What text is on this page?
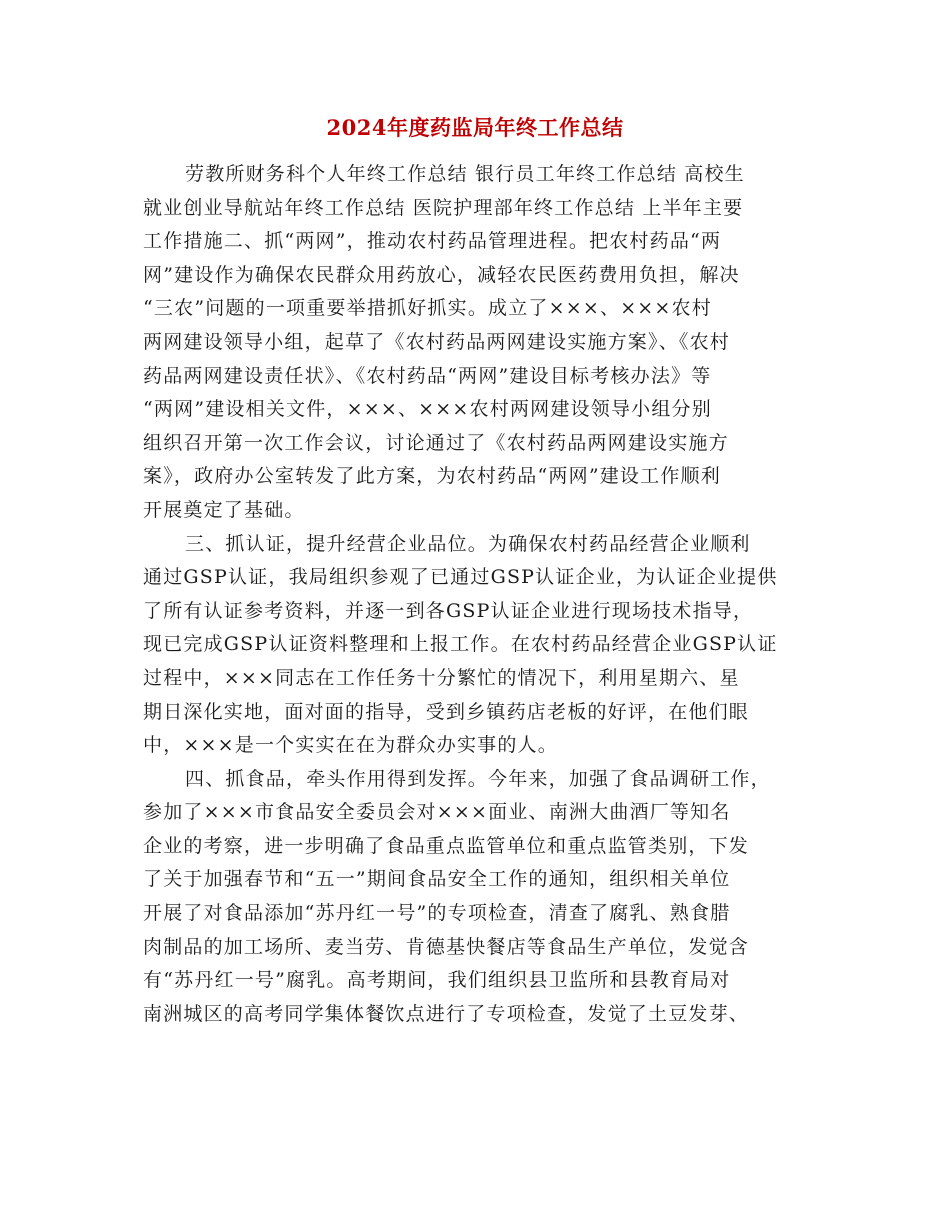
2024年度药监局年终工作总结
劳教所财务科个人年终工作总结 银行员工年终工作总结 高校生
就业创业导航站年终工作总结 医院护理部年终工作总结 上半年主要
工作措施二、抓“两网”，推动农村药品管理进程。把农村药品“两
网”建设作为确保农民群众用药放心，减轻农民医药费用负担，解决
“三农”问题的一项重要举措抓好抓实。成立了×××、×××农村
两网建设领导小组，起草了《农村药品两网建设实施方案》、《农村
药品两网建设责任状》、《农村药品“两网”建设目标考核办法》等
“两网”建设相关文件，×××、×××农村两网建设领导小组分别
组织召开第一次工作会议，讨论通过了《农村药品两网建设实施方
案》，政府办公室转发了此方案，为农村药品“两网”建设工作顺利
开展奠定了基础。
三、抓认证，提升经营企业品位。为确保农村药品经营企业顺利
通过GSP认证，我局组织参观了已通过GSP认证企业，为认证企业提供
了所有认证参考资料，并逐一到各GSP认证企业进行现场技术指导，
现已完成GSP认证资料整理和上报工作。在农村药品经营企业GSP认证
过程中，×××同志在工作任务十分繁忙的情况下，利用星期六、星
期日深化实地，面对面的指导，受到乡镇药店老板的好评，在他们眼
中，×××是一个实实在在为群众办实事的人。
四、抓食品，牵头作用得到发挥。今年来，加强了食品调研工作，
参加了×××市食品安全委员会对×××面业、南洲大曲酒厂等知名
企业的考察，进一步明确了食品重点监管单位和重点监管类别，下发
了关于加强春节和“五一”期间食品安全工作的通知，组织相关单位
开展了对食品添加“苏丹红一号”的专项检查，清查了腐乳、熟食腊
肉制品的加工场所、麦当劳、肯德基快餐店等食品生产单位，发觉含
有“苏丹红一号”腐乳。高考期间，我们组织县卫监所和县教育局对
南洲城区的高考同学集体餐饮点进行了专项检查，发觉了土豆发芽、
